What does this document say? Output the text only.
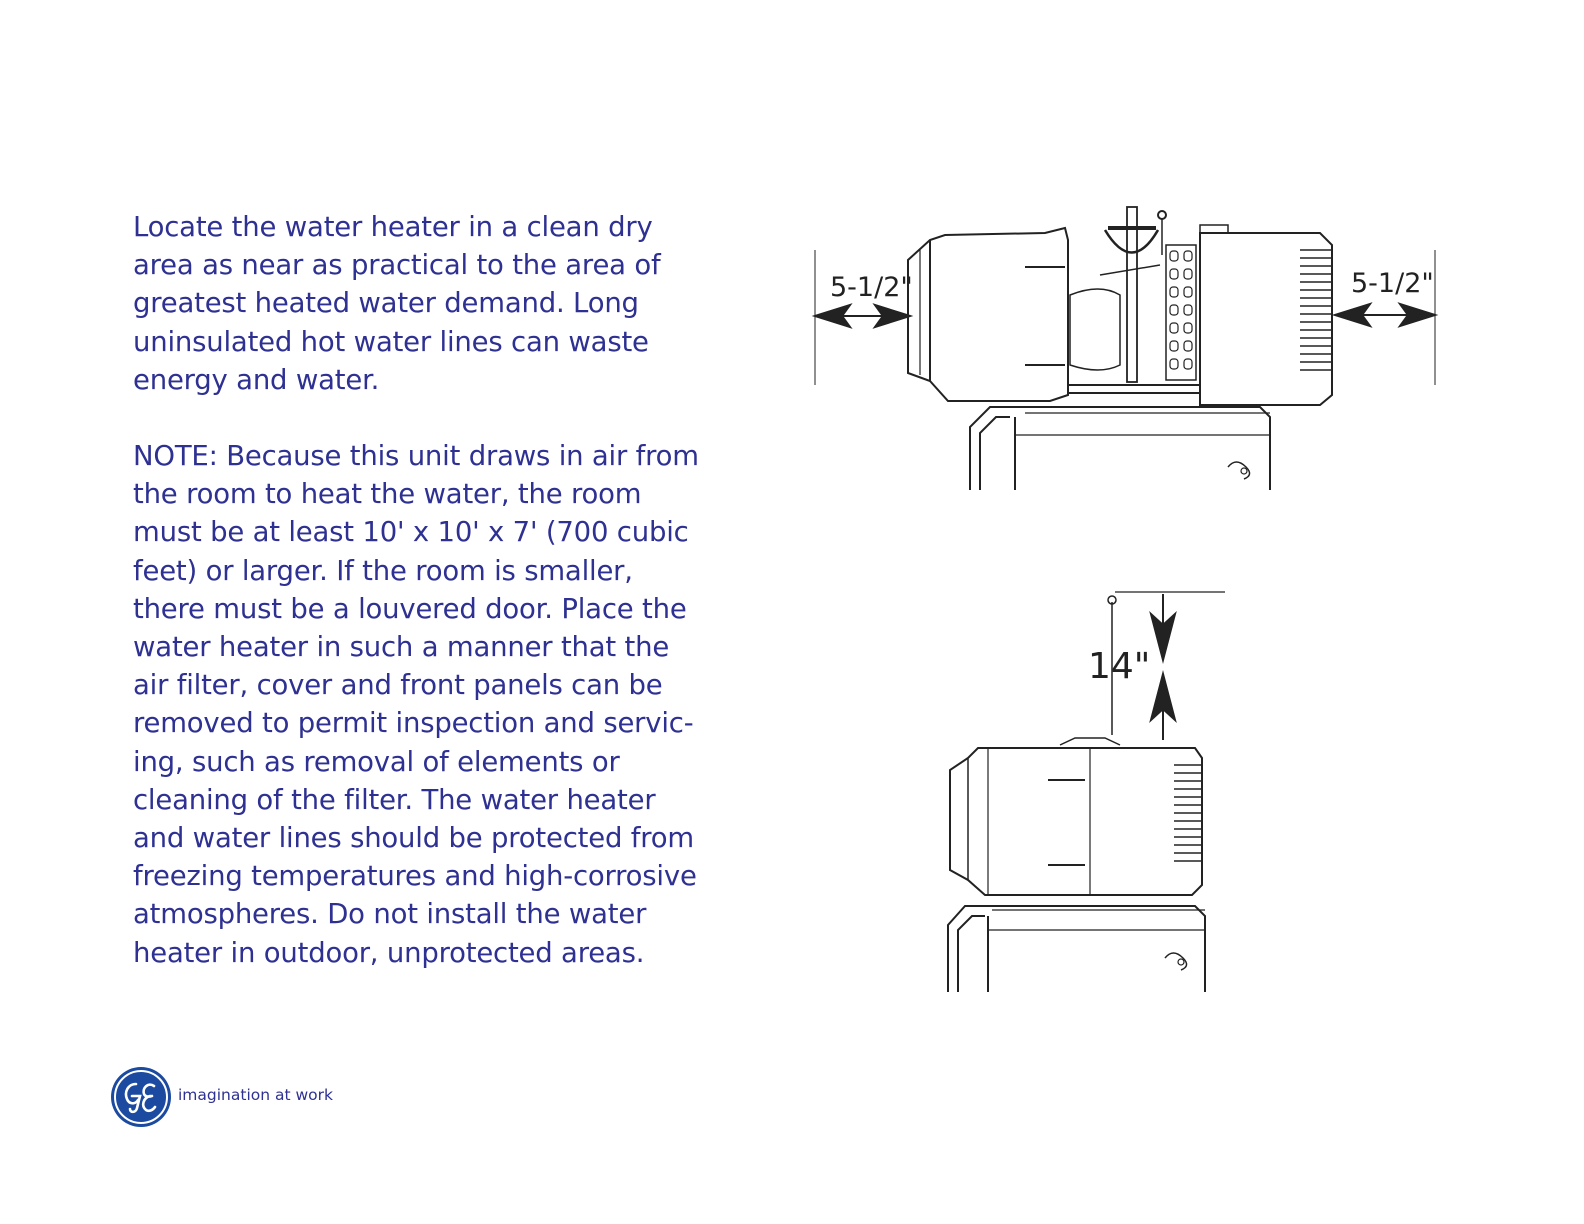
Locate the water heater in a clean dry

area as near as practical to the area of

greatest heated water demand. Long

uninsulated hot water lines can waste

energy and water.

NOTE: Because this unit draws in air from

the room to heat the water, the room

must be at least 10' x 10' x 7' (700 cubic

feet) or larger. If the room is smaller,

there must be a louvered door. Place the

water heater in such a manner that the

air filter, cover and front panels can be

removed to permit inspection and servic-

ing, such as removal of elements or

cleaning of the filter. The water heater

and water lines should be protected from

freezing temperatures and high-corrosive

atmospheres. Do not install the water

heater in outdoor, unprotected areas.

5-1/2"	5-1/2"
14"
imagination at work
